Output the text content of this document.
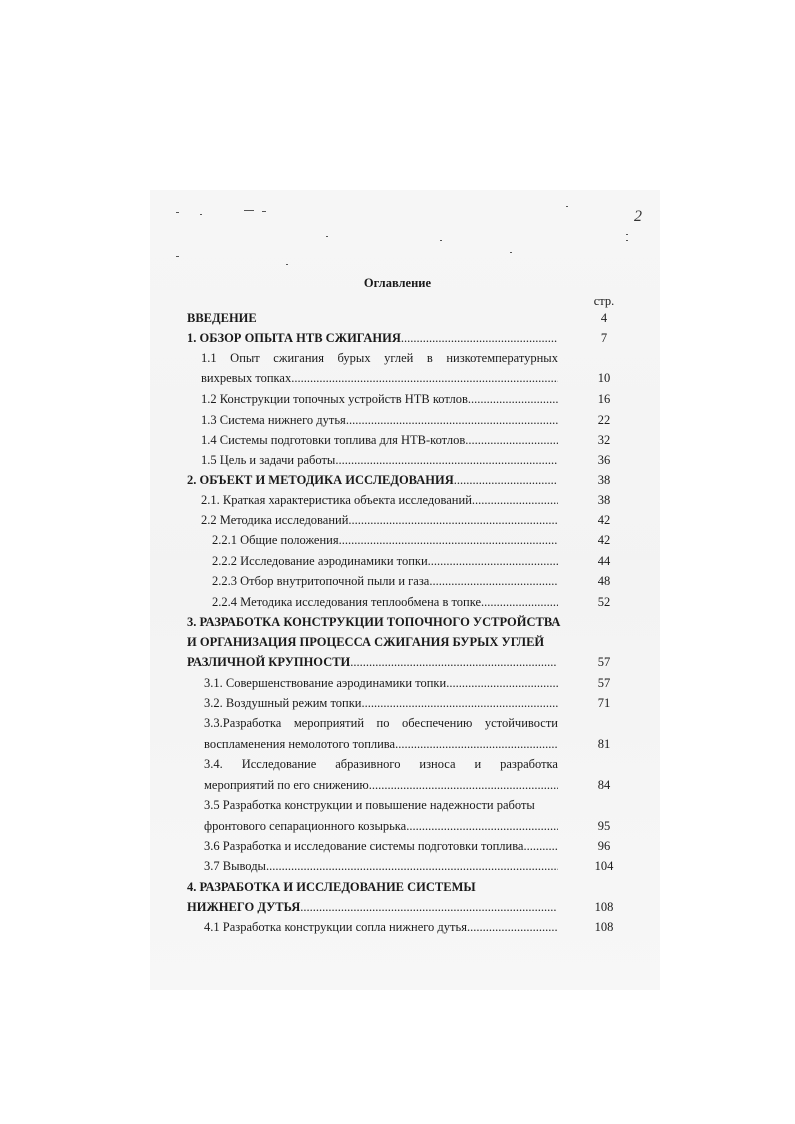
2
Оглавление
стр.
ВВЕДЕНИЕ	4
1. ОБЗОР ОПЫТА НТВ СЖИГАНИЯ .....	7
1.1 Опыт сжигания бурых углей в низкотемпературных
вихревых топках .....	10
1.2 Конструкции топочных устройств НТВ котлов .....	16
1.3 Система нижнего дутья .....	22
1.4 Системы подготовки топлива для НТВ-котлов .....	32
1.5 Цель и задачи работы .....	36
2. ОБЪЕКТ И МЕТОДИКА ИССЛЕДОВАНИЯ .....	38
2.1. Краткая характеристика объекта исследований .....	38
2.2 Методика исследований .....	42
2.2.1 Общие положения .....	42
2.2.2 Исследование аэродинамики топки .....	44
2.2.3 Отбор внутритопочной пыли и газа .....	48
2.2.4 Методика исследования теплообмена в топке .....	52
3. РАЗРАБОТКА КОНСТРУКЦИИ ТОПОЧНОГО УСТРОЙСТВА
И ОРГАНИЗАЦИЯ ПРОЦЕССА СЖИГАНИЯ БУРЫХ УГЛЕЙ
РАЗЛИЧНОЙ КРУПНОСТИ .....	57
3.1. Совершенствование аэродинамики топки .....	57
3.2. Воздушный режим топки .....	71
3.3.Разработка мероприятий по обеспечению устойчивости
воспламенения немолотого топлива .....	81
3.4. Исследование абразивного износа и разработка
мероприятий по его снижению .....	84
3.5 Разработка конструкции и повышение надежности работы
фронтового сепарационного козырька .....	95
3.6 Разработка и исследование системы подготовки топлива .....	96
3.7 Выводы .....	104
4. РАЗРАБОТКА И ИССЛЕДОВАНИЕ СИСТЕМЫ
НИЖНЕГО ДУТЬЯ .....	108
4.1 Разработка конструкции сопла нижнего дутья .....	108
